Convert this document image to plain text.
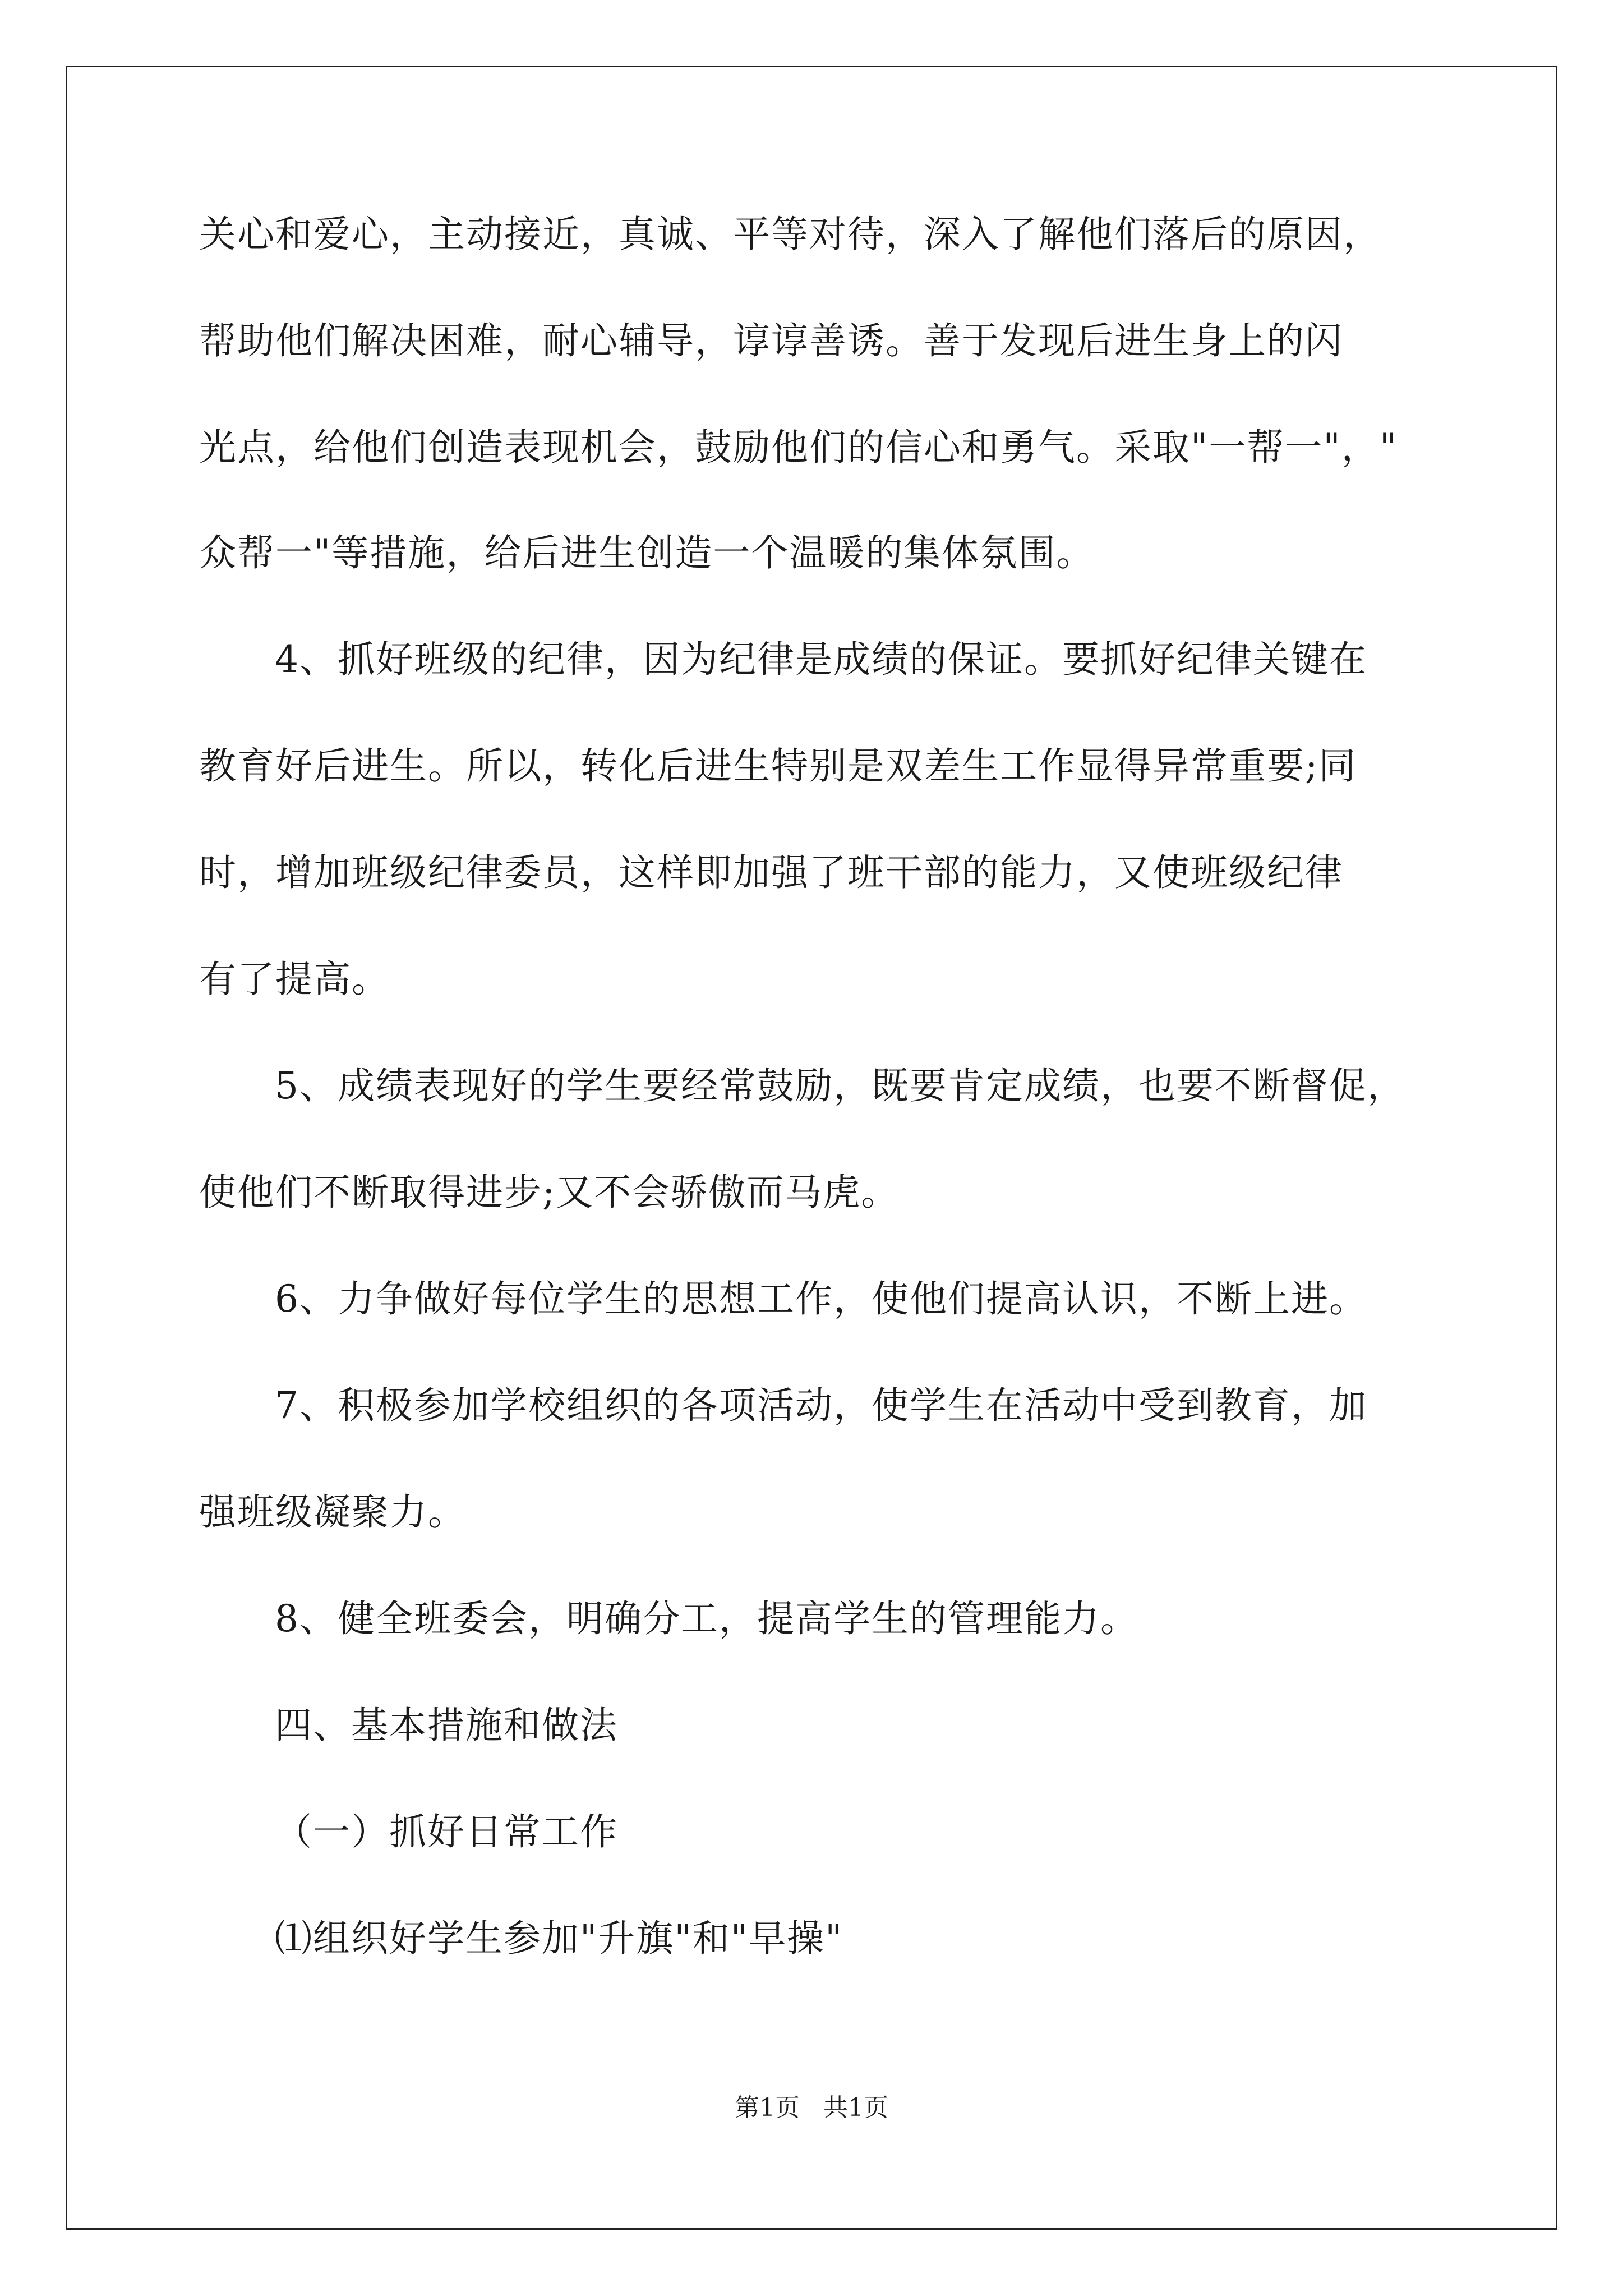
关心和爱心，主动接近，真诚、平等对待，深入了解他们落后的原因，
帮助他们解决困难，耐心辅导，谆谆善诱。善于发现后进生身上的闪
光点，给他们创造表现机会，鼓励他们的信心和勇气。采取"一帮一"，"
众帮一"等措施，给后进生创造一个温暖的集体氛围。
4、抓好班级的纪律，因为纪律是成绩的保证。要抓好纪律关键在
教育好后进生。所以，转化后进生特别是双差生工作显得异常重要;同
时，增加班级纪律委员，这样即加强了班干部的能力，又使班级纪律
有了提高。
5、成绩表现好的学生要经常鼓励，既要肯定成绩，也要不断督促，
使他们不断取得进步;又不会骄傲而马虎。
6、力争做好每位学生的思想工作，使他们提高认识，不断上进。
7、积极参加学校组织的各项活动，使学生在活动中受到教育，加
强班级凝聚力。
8、健全班委会，明确分工，提高学生的管理能力。
四、基本措施和做法
（一）抓好日常工作
⑴组织好学生参加"升旗"和"早操"
第1页   共1页
